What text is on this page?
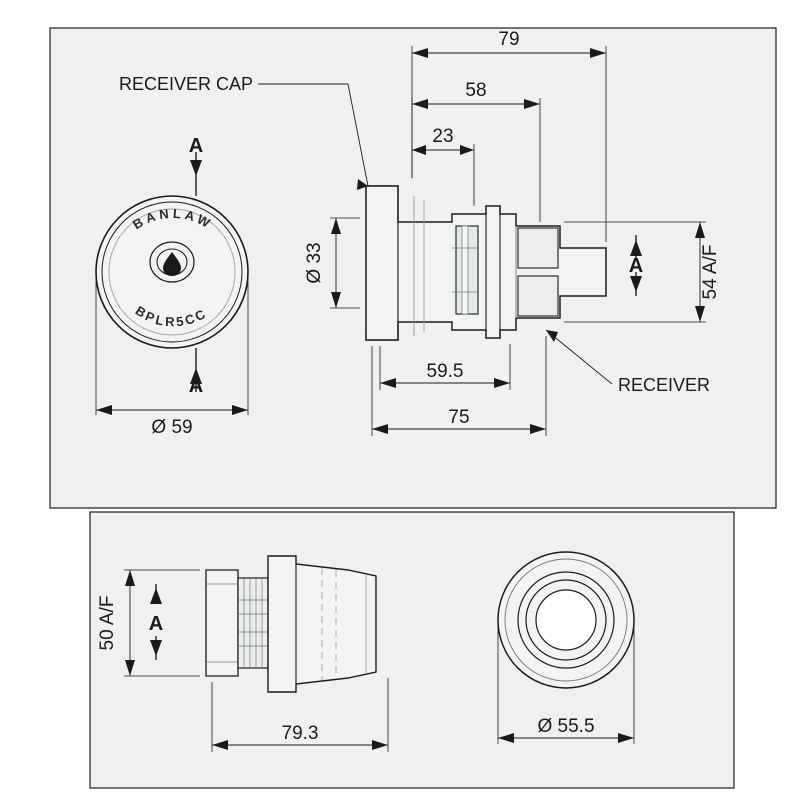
BANLAW
BPLR5CC
A
A
Ø 59
RECEIVER CAP
RECEIVER
79
58
23
Ø 33
59.5
75
A	54 A/F
50 A/F A
79.3	Ø 55.5
